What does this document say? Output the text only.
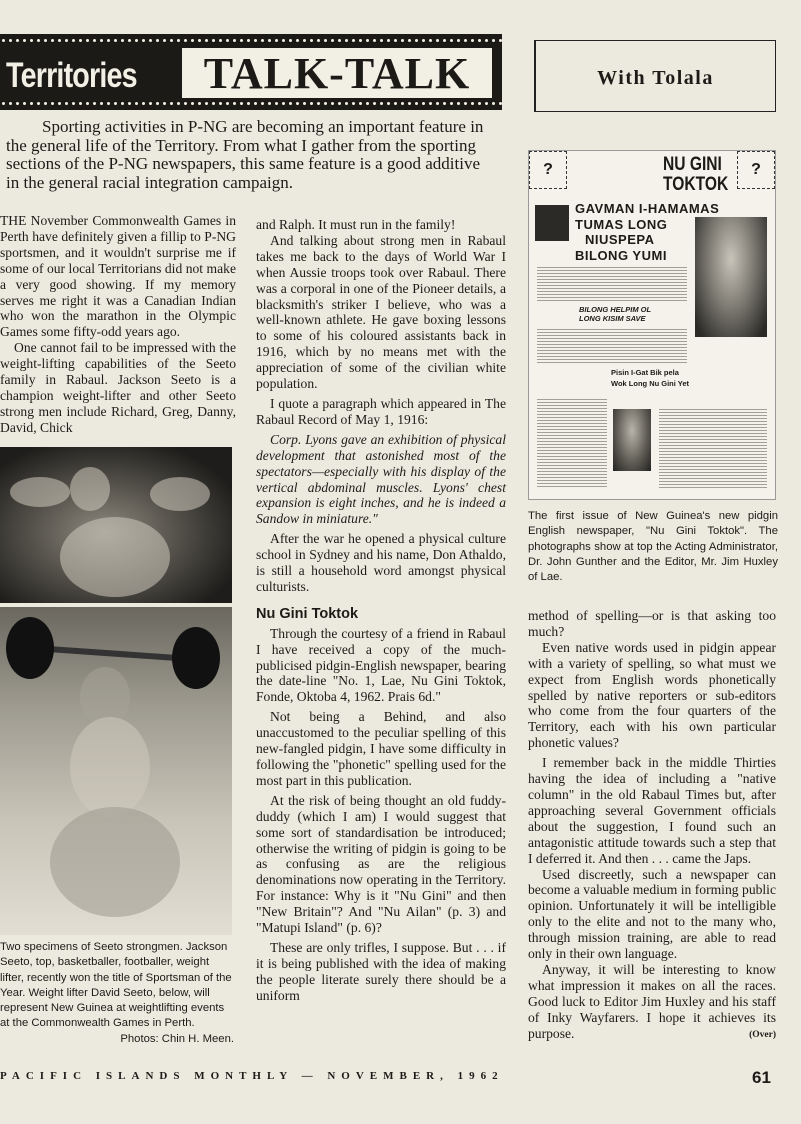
Territories	TALK-TALK	With Tolala

Sporting activities in P-NG are becoming an important feature in the general life of the Territory. From what I gather from the sporting sections of the P-NG newspapers, this same feature is a good additive in the general racial integration campaign.

THE November Commonwealth Games in Perth have definitely given a fillip to P-NG sportsmen, and it wouldn't surprise me if some of our local Territorians did not make a very good showing. If my memory serves me right it was a Canadian Indian who won the marathon in the Olympic Games some fifty-odd years ago.

One cannot fail to be impressed with the weight-lifting capabilities of the Seeto family in Rabaul. Jackson Seeto is a champion weight-lifter and other Seeto strong men include Richard, Greg, Danny, David, Chick

Two specimens of Seeto strongmen. Jackson Seeto, top, basketballer, footballer, weight lifter, recently won the title of Sportsman of the Year. Weight lifter David Seeto, below, will represent New Guinea at weightlifting events at the Commonwealth Games in Perth.
Photos: Chin H. Meen.

and Ralph. It must run in the family!

And talking about strong men in Rabaul takes me back to the days of World War I when Aussie troops took over Rabaul. There was a corporal in one of the Pioneer details, a blacksmith's striker I believe, who was a well-known athlete. He gave boxing lessons to some of his coloured assistants back in 1916, which by no means met with the appreciation of some of the civilian white population.

I quote a paragraph which appeared in The Rabaul Record of May 1, 1916:

Corp. Lyons gave an exhibition of physical development that astonished most of the spectators—especially with his display of the vertical abdominal muscles. Lyons' chest expansion is eight inches, and he is indeed a Sandow in miniature."

After the war he opened a physical culture school in Sydney and his name, Don Athaldo, is still a household word amongst physical culturists.

Nu Gini Toktok

Through the courtesy of a friend in Rabaul I have received a copy of the much-publicised pidgin-English newspaper, bearing the date-line "No. 1, Lae, Nu Gini Toktok, Fonde, Oktoba 4, 1962. Prais 6d."

Not being a Behind, and also unaccustomed to the peculiar spelling of this new-fangled pidgin, I have some difficulty in following the "phonetic" spelling used for the most part in this publication.

At the risk of being thought an old fuddy-duddy (which I am) I would suggest that some sort of standardisation be introduced; otherwise the writing of pidgin is going to be as confusing as are the religious denominations now operating in the Territory. For instance: Why is it "Nu Gini" and then "New Britain"? And "Nu Ailan" (p. 3) and "Matupi Island" (p. 6)?

These are only trifles, I suppose. But . . . if it is being published with the idea of making the people literate surely there should be a uniform

?	?
NU GINI
TOKTOK
GAVMAN I-HAMAMAS
TUMAS LONG
NIUSPEPA
BILONG YUMI
BILONG HELPIM OL
LONG KISIM SAVE
Pisin I-Gat Bik pela
Wok Long Nu Gini Yet
The first issue of New Guinea's new pidgin English newspaper, "Nu Gini Toktok". The photographs show at top the Acting Administrator, Dr. John Gunther and the Editor, Mr. Jim Huxley of Lae.

method of spelling—or is that asking too much?

Even native words used in pidgin appear with a variety of spelling, so what must we expect from English words phonetically spelled by native reporters or sub-editors who come from the four quarters of the Territory, each with his own particular phonetic values?

I remember back in the middle Thirties having the idea of including a "native column" in the old Rabaul Times but, after approaching several Government officials about the suggestion, I found such an antagonistic attitude towards such a step that I deferred it. And then . . . came the Japs.

Used discreetly, such a newspaper can become a valuable medium in forming public opinion. Unfortunately it will be intelligible only to the elite and not to the many who, through mission training, are able to read only in their own language.

Anyway, it will be interesting to know what impression it makes on all the races. Good luck to Editor Jim Huxley and his staff of Inky Wayfarers. I hope it achieves its purpose.	(Over)
PACIFIC ISLANDS MONTHLY — NOVEMBER, 1962	61
